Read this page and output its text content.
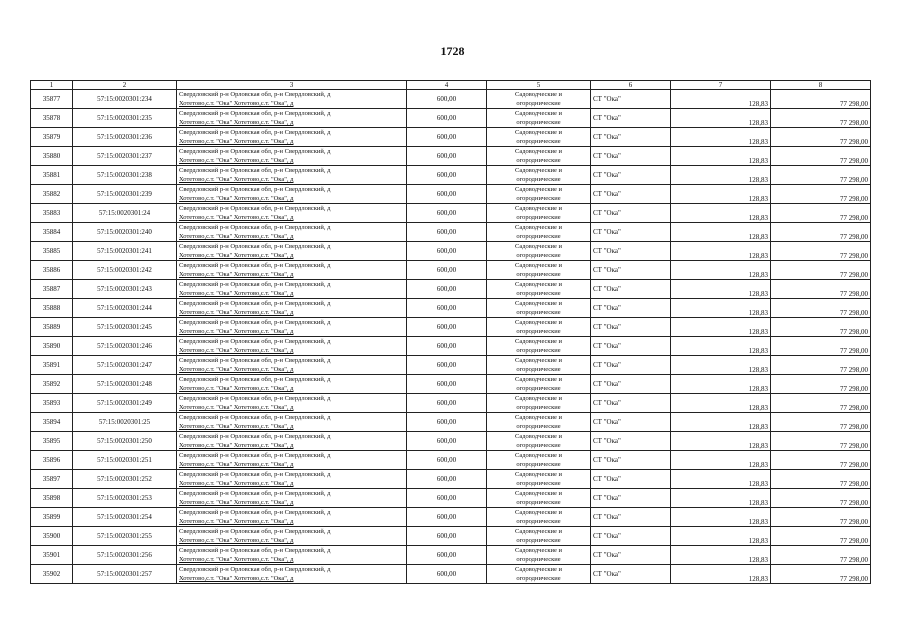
1728
1	2	3	4	5	6	7	8
35877	57:15:0020301:234	Свердловский р-н Орловская обл, р-н Свердловский, д
Хотетово,с.т. "Ока" Хотетово,с.т. "Ока", д	600,00	Садоводческие и
огороднические	СТ "Ока"	128,83	77 298,00
35878	57:15:0020301:235	Свердловский р-н Орловская обл, р-н Свердловский, д
Хотетово,с.т. "Ока" Хотетово,с.т. "Ока", д	600,00	Садоводческие и
огороднические	СТ "Ока"	128,83	77 298,00
35879	57:15:0020301:236	Свердловский р-н Орловская обл, р-н Свердловский, д
Хотетово,с.т. "Ока" Хотетово,с.т. "Ока", д	600,00	Садоводческие и
огороднические	СТ "Ока"	128,83	77 298,00
35880	57:15:0020301:237	Свердловский р-н Орловская обл, р-н Свердловский, д
Хотетово,с.т. "Ока" Хотетово,с.т. "Ока", д	600,00	Садоводческие и
огороднические	СТ "Ока"	128,83	77 298,00
35881	57:15:0020301:238	Свердловский р-н Орловская обл, р-н Свердловский, д
Хотетово,с.т. "Ока" Хотетово,с.т. "Ока", д	600,00	Садоводческие и
огороднические	СТ "Ока"	128,83	77 298,00
35882	57:15:0020301:239	Свердловский р-н Орловская обл, р-н Свердловский, д
Хотетово,с.т. "Ока" Хотетово,с.т. "Ока", д	600,00	Садоводческие и
огороднические	СТ "Ока"	128,83	77 298,00
35883	57:15:0020301:24	Свердловский р-н Орловская обл, р-н Свердловский, д
Хотетово,с.т. "Ока" Хотетово,с.т. "Ока", д	600,00	Садоводческие и
огороднические	СТ "Ока"	128,83	77 298,00
35884	57:15:0020301:240	Свердловский р-н Орловская обл, р-н Свердловский, д
Хотетово,с.т. "Ока" Хотетово,с.т. "Ока", д	600,00	Садоводческие и
огороднические	СТ "Ока"	128,83	77 298,00
35885	57:15:0020301:241	Свердловский р-н Орловская обл, р-н Свердловский, д
Хотетово,с.т. "Ока" Хотетово,с.т. "Ока", д	600,00	Садоводческие и
огороднические	СТ "Ока"	128,83	77 298,00
35886	57:15:0020301:242	Свердловский р-н Орловская обл, р-н Свердловский, д
Хотетово,с.т. "Ока" Хотетово,с.т. "Ока", д	600,00	Садоводческие и
огороднические	СТ "Ока"	128,83	77 298,00
35887	57:15:0020301:243	Свердловский р-н Орловская обл, р-н Свердловский, д
Хотетово,с.т. "Ока" Хотетово,с.т. "Ока", д	600,00	Садоводческие и
огороднические	СТ "Ока"	128,83	77 298,00
35888	57:15:0020301:244	Свердловский р-н Орловская обл, р-н Свердловский, д
Хотетово,с.т. "Ока" Хотетово,с.т. "Ока", д	600,00	Садоводческие и
огороднические	СТ "Ока"	128,83	77 298,00
35889	57:15:0020301:245	Свердловский р-н Орловская обл, р-н Свердловский, д
Хотетово,с.т. "Ока" Хотетово,с.т. "Ока", д	600,00	Садоводческие и
огороднические	СТ "Ока"	128,83	77 298,00
35890	57:15:0020301:246	Свердловский р-н Орловская обл, р-н Свердловский, д
Хотетово,с.т. "Ока" Хотетово,с.т. "Ока", д	600,00	Садоводческие и
огороднические	СТ "Ока"	128,83	77 298,00
35891	57:15:0020301:247	Свердловский р-н Орловская обл, р-н Свердловский, д
Хотетово,с.т. "Ока" Хотетово,с.т. "Ока", д	600,00	Садоводческие и
огороднические	СТ "Ока"	128,83	77 298,00
35892	57:15:0020301:248	Свердловский р-н Орловская обл, р-н Свердловский, д
Хотетово,с.т. "Ока" Хотетово,с.т. "Ока", д	600,00	Садоводческие и
огороднические	СТ "Ока"	128,83	77 298,00
35893	57:15:0020301:249	Свердловский р-н Орловская обл, р-н Свердловский, д
Хотетово,с.т. "Ока" Хотетово,с.т. "Ока", д	600,00	Садоводческие и
огороднические	СТ "Ока"	128,83	77 298,00
35894	57:15:0020301:25	Свердловский р-н Орловская обл, р-н Свердловский, д
Хотетово,с.т. "Ока" Хотетово,с.т. "Ока", д	600,00	Садоводческие и
огороднические	СТ "Ока"	128,83	77 298,00
35895	57:15:0020301:250	Свердловский р-н Орловская обл, р-н Свердловский, д
Хотетово,с.т. "Ока" Хотетово,с.т. "Ока", д	600,00	Садоводческие и
огороднические	СТ "Ока"	128,83	77 298,00
35896	57:15:0020301:251	Свердловский р-н Орловская обл, р-н Свердловский, д
Хотетово,с.т. "Ока" Хотетово,с.т. "Ока", д	600,00	Садоводческие и
огороднические	СТ "Ока"	128,83	77 298,00
35897	57:15:0020301:252	Свердловский р-н Орловская обл, р-н Свердловский, д
Хотетово,с.т. "Ока" Хотетово,с.т. "Ока", д	600,00	Садоводческие и
огороднические	СТ "Ока"	128,83	77 298,00
35898	57:15:0020301:253	Свердловский р-н Орловская обл, р-н Свердловский, д
Хотетово,с.т. "Ока" Хотетово,с.т. "Ока", д	600,00	Садоводческие и
огороднические	СТ "Ока"	128,83	77 298,00
35899	57:15:0020301:254	Свердловский р-н Орловская обл, р-н Свердловский, д
Хотетово,с.т. "Ока" Хотетово,с.т. "Ока", д	600,00	Садоводческие и
огороднические	СТ "Ока"	128,83	77 298,00
35900	57:15:0020301:255	Свердловский р-н Орловская обл, р-н Свердловский, д
Хотетово,с.т. "Ока" Хотетово,с.т. "Ока", д	600,00	Садоводческие и
огороднические	СТ "Ока"	128,83	77 298,00
35901	57:15:0020301:256	Свердловский р-н Орловская обл, р-н Свердловский, д
Хотетово,с.т. "Ока" Хотетово,с.т. "Ока", д	600,00	Садоводческие и
огороднические	СТ "Ока"	128,83	77 298,00
35902	57:15:0020301:257	Свердловский р-н Орловская обл, р-н Свердловский, д
Хотетово,с.т. "Ока" Хотетово,с.т. "Ока", д	600,00	Садоводческие и
огороднические	СТ "Ока"	128,83	77 298,00
